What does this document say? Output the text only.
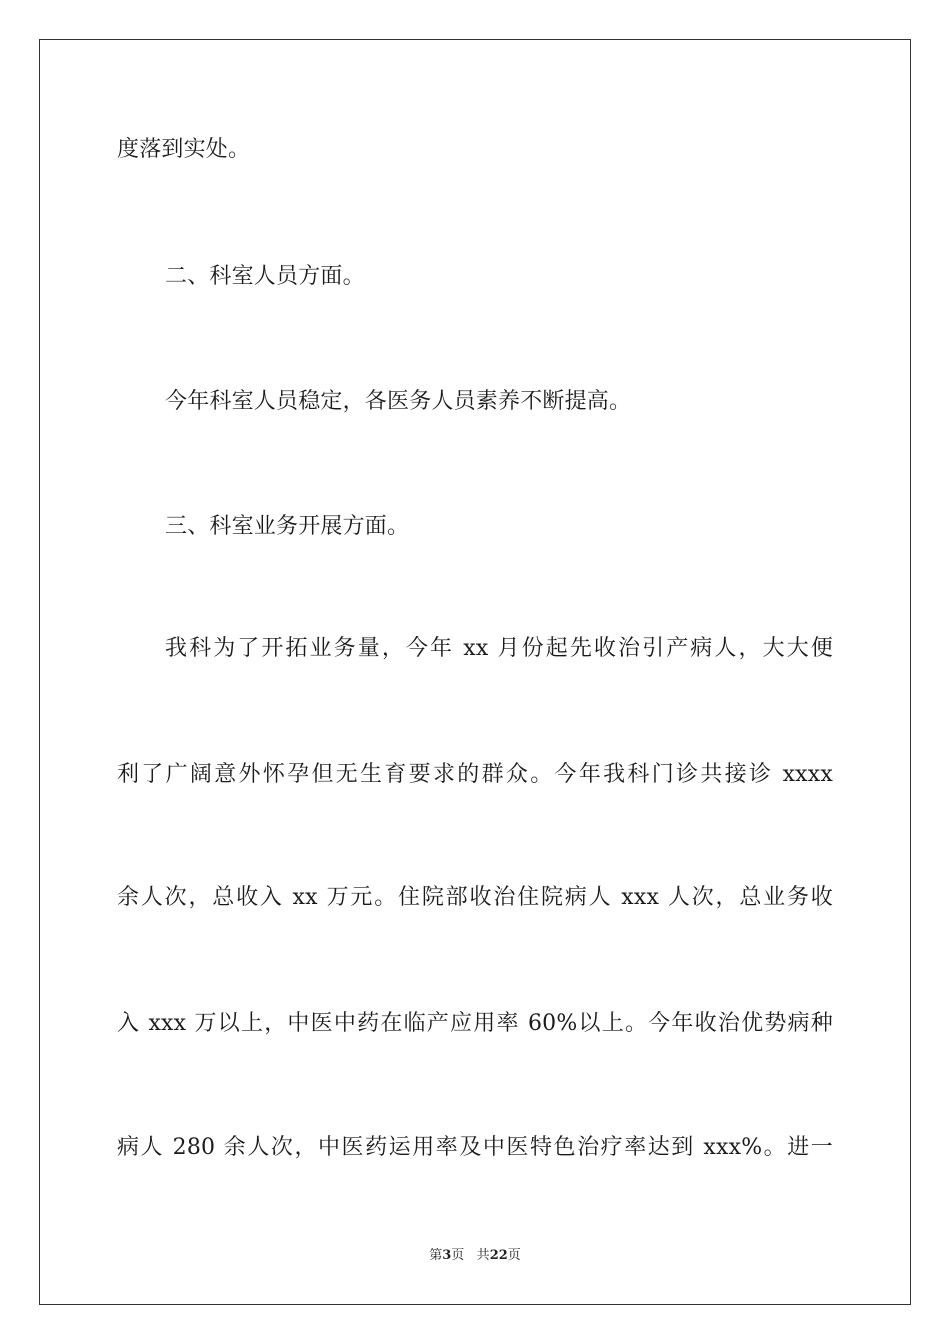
度落到实处。
二、科室人员方面。
今年科室人员稳定，各医务人员素养不断提高。
三、科室业务开展方面。
我科为了开拓业务量，今年 xx 月份起先收治引产病人，大大便
利了广阔意外怀孕但无生育要求的群众。今年我科门诊共接诊 xxxx
余人次，总收入 xx 万元。住院部收治住院病人 xxx 人次，总业务收
入 xxx 万以上，中医中药在临产应用率 60%以上。今年收治优势病种
病人 280 余人次，中医药运用率及中医特色治疗率达到 xxx%。进一
第3页 共22页
